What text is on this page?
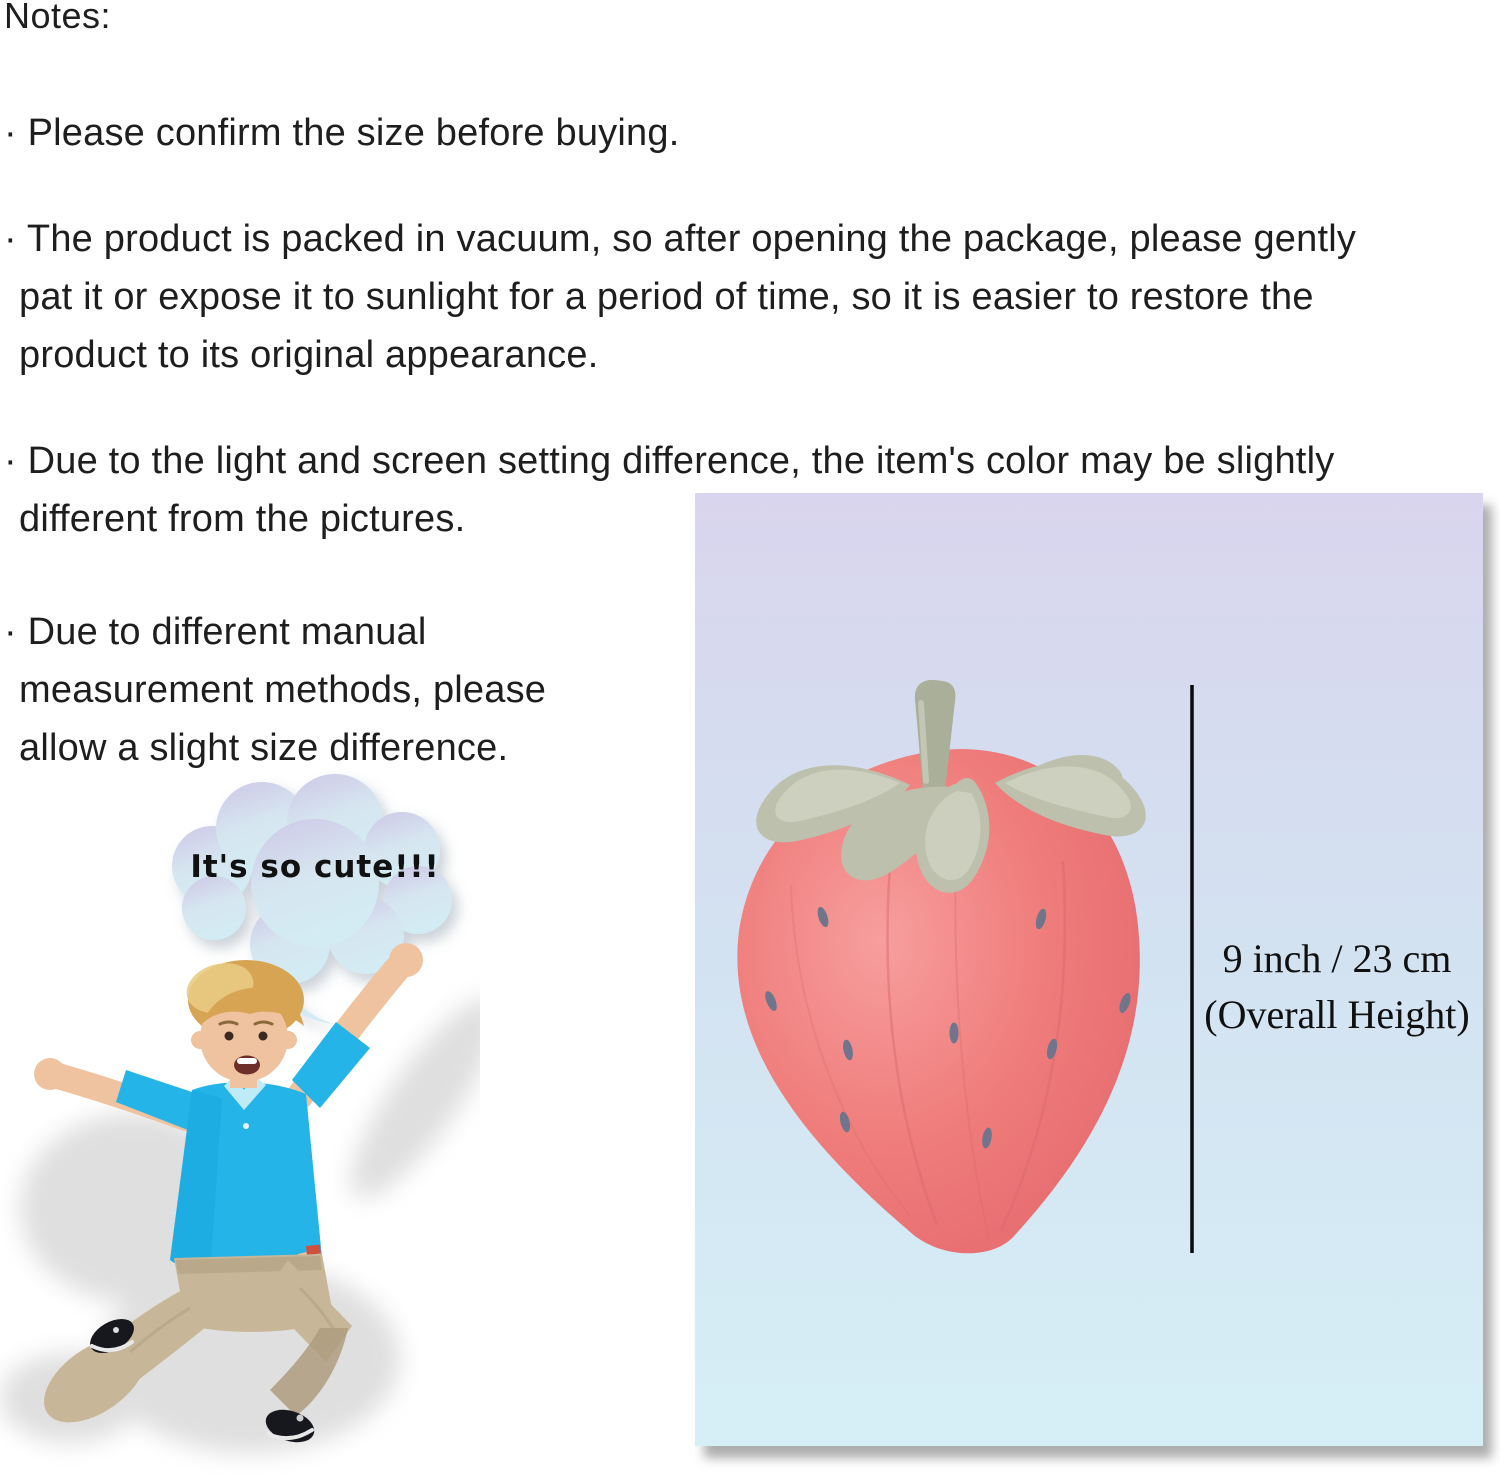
Notes:
· Please confirm the size before buying.
· The product is packed in vacuum, so after opening the package, please gently
pat it or expose it to sunlight for a period of time, so it is easier to restore the
product to its original appearance.
· Due to the light and screen setting difference, the item's color may be slightly
different from the pictures.
· Due to different manual
measurement methods, please
allow a slight size difference.
9 inch / 23 cm
(Overall Height)
It's so cute!!!
